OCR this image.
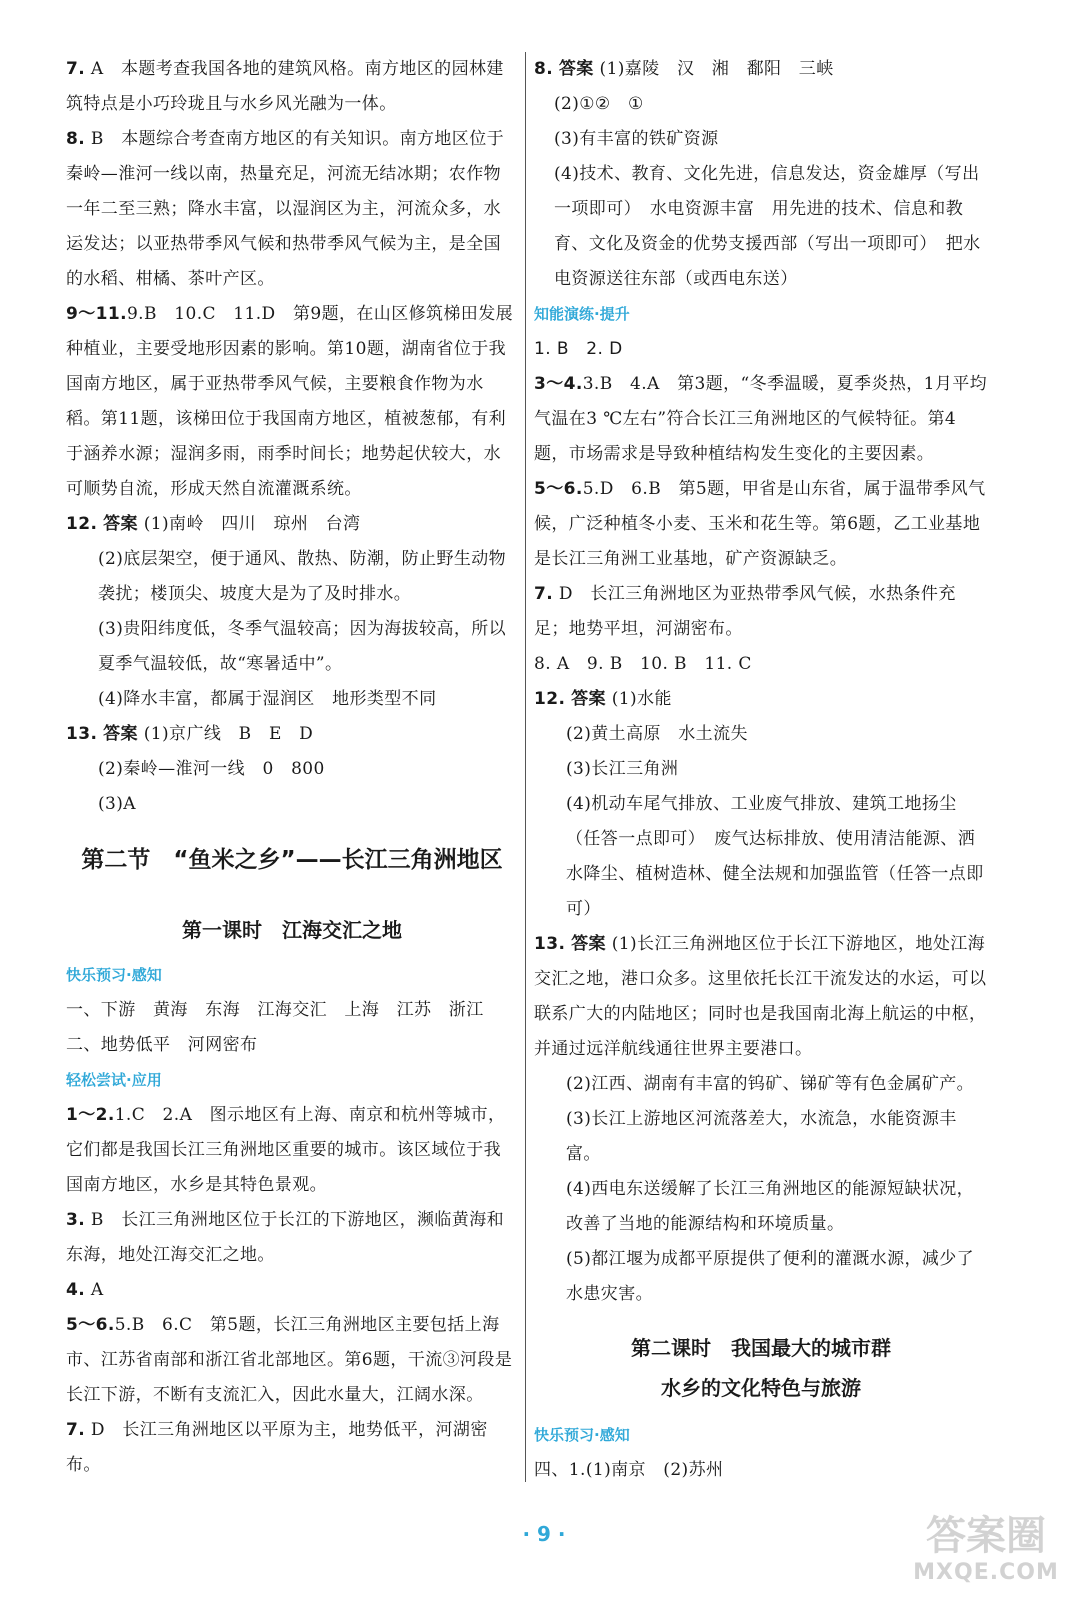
7. A　本题考查我国各地的建筑风格。南方地区的园林建筑特点是小巧玲珑且与水乡风光融为一体。

8. B　本题综合考查南方地区的有关知识。南方地区位于秦岭—淮河一线以南，热量充足，河流无结冰期；农作物一年二至三熟；降水丰富，以湿润区为主，河流众多，水运发达；以亚热带季风气候和热带季风气候为主，是全国的水稻、柑橘、茶叶产区。

9～11.9.B　10.C　11.D　第9题，在山区修筑梯田发展种植业，主要受地形因素的影响。第10题，湖南省位于我国南方地区，属于亚热带季风气候，主要粮食作物为水稻。第11题，该梯田位于我国南方地区，植被葱郁，有利于涵养水源；湿润多雨，雨季时间长；地势起伏较大，水可顺势自流，形成天然自流灌溉系统。

12. 答案 (1)南岭　四川　琼州　台湾

(2)底层架空，便于通风、散热、防潮，防止野生动物袭扰；楼顶尖、坡度大是为了及时排水。

(3)贵阳纬度低，冬季气温较高；因为海拔较高，所以夏季气温较低，故“寒暑适中”。

(4)降水丰富，都属于湿润区　地形类型不同

13. 答案 (1)京广线　B　E　D

(2)秦岭—淮河一线　0　800

(3)A

第二节　“鱼米之乡”——长江三角洲地区

第一课时　江海交汇之地

快乐预习·感知

一、下游　黄海　东海　江海交汇　上海　江苏　浙江

二、地势低平　河网密布

轻松尝试·应用

1～2.1.C　2.A　图示地区有上海、南京和杭州等城市，它们都是我国长江三角洲地区重要的城市。该区域位于我国南方地区，水乡是其特色景观。

3. B　长江三角洲地区位于长江的下游地区，濒临黄海和东海，地处江海交汇之地。

4. A

5～6.5.B　6.C　第5题，长江三角洲地区主要包括上海市、江苏省南部和浙江省北部地区。第6题，干流③河段是长江下游，不断有支流汇入，因此水量大，江阔水深。

7. D　长江三角洲地区以平原为主，地势低平，河湖密布。

8. 答案 (1)嘉陵　汉　湘　鄱阳　三峡

(2)①②　①

(3)有丰富的铁矿资源

(4)技术、教育、文化先进，信息发达，资金雄厚（写出一项即可）　水电资源丰富　用先进的技术、信息和教育、文化及资金的优势支援西部（写出一项即可）　把水电资源送往东部（或西电东送）

知能演练·提升

1. B　2. D

3～4.3.B　4.A　第3题，“冬季温暖，夏季炎热，1月平均气温在3 ℃左右”符合长江三角洲地区的气候特征。第4题，市场需求是导致种植结构发生变化的主要因素。

5～6.5.D　6.B　第5题，甲省是山东省，属于温带季风气候，广泛种植冬小麦、玉米和花生等。第6题，乙工业基地是长江三角洲工业基地，矿产资源缺乏。

7. D　长江三角洲地区为亚热带季风气候，水热条件充足；地势平坦，河湖密布。

8. A　9. B　10. B　11. C

12. 答案 (1)水能

(2)黄土高原　水土流失

(3)长江三角洲

(4)机动车尾气排放、工业废气排放、建筑工地扬尘（任答一点即可）　废气达标排放、使用清洁能源、洒水降尘、植树造林、健全法规和加强监管（任答一点即可）

13. 答案 (1)长江三角洲地区位于长江下游地区，地处江海交汇之地，港口众多。这里依托长江干流发达的水运，可以联系广大的内陆地区；同时也是我国南北海上航运的中枢，并通过远洋航线通往世界主要港口。

(2)江西、湖南有丰富的钨矿、锑矿等有色金属矿产。

(3)长江上游地区河流落差大，水流急，水能资源丰富。

(4)西电东送缓解了长江三角洲地区的能源短缺状况，改善了当地的能源结构和环境质量。

(5)都江堰为成都平原提供了便利的灌溉水源，减少了水患灾害。

第二课时　我国最大的城市群

水乡的文化特色与旅游

快乐预习·感知

四、1.(1)南京　(2)苏州

· 9 ·	答案圈
MXQE.COM
